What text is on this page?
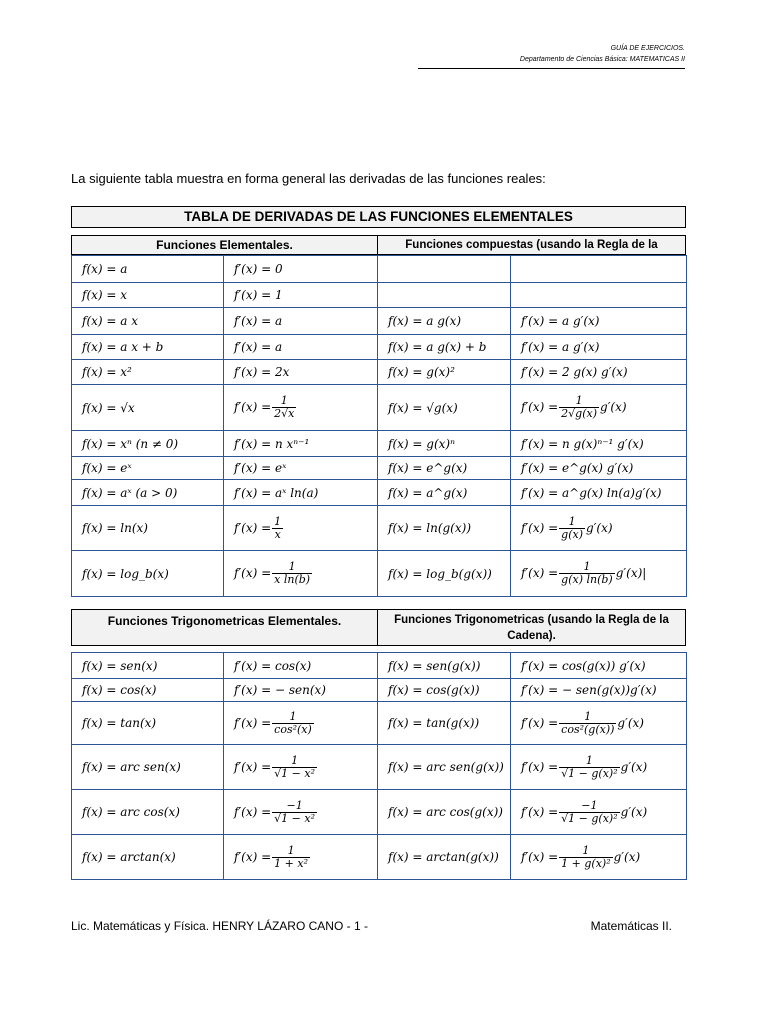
GUÍA DE EJERCICIOS.
Departamento de Ciencias Básica: MATEMATICAS II
La siguiente tabla muestra en forma general las derivadas de las funciones reales:
TABLA DE DERIVADAS DE LAS FUNCIONES ELEMENTALES
Funciones Elementales.	Funciones compuestas (usando la Regla de la
f(x) = a	f′(x) = 0		
f(x) = x	f′(x) = 1		
f(x) = a x	f′(x) = a	f(x) = a g(x)	f′(x) = a g′(x)
f(x) = a x + b	f′(x) = a	f(x) = a g(x) + b	f′(x) = a g′(x)
f(x) = x²	f′(x) = 2x	f(x) = g(x)²	f′(x) = 2 g(x) g′(x)
f(x) = √x	$f'(x) = \frac{1}{2√x}$	f(x) = √g(x)	$f'(x) = \frac{1}{2√g(x)} g'(x)$
f(x) = xⁿ (n ≠ 0)	f′(x) = n xⁿ⁻¹	f(x) = g(x)ⁿ	f′(x) = n g(x)ⁿ⁻¹ g′(x)
f(x) = eˣ	f′(x) = eˣ	f(x) = e^g(x)	f′(x) = e^g(x) g′(x)
f(x) = aˣ (a > 0)	f′(x) = aˣ ln(a)	f(x) = a^g(x)	f′(x) = a^g(x) ln(a)g′(x)
f(x) = ln(x)	$f'(x) = \frac{1}{x}$	f(x) = ln(g(x))	$f'(x) = \frac{1}{g(x)} g'(x)$
f(x) = log_b(x)	$f'(x) = \frac{1}{\text{x ln(b)}}$	f(x) = log_b(g(x))	$f'(x) = \frac{1}{g(x) \ln(b)} g'(x)|$
Funciones Trigonometricas Elementales.	Funciones Trigonometricas (usando la Regla de la Cadena).
f(x) = sen(x)	f′(x) = cos(x)	f(x) = sen(g(x))	f′(x) = cos(g(x)) g′(x)
f(x) = cos(x)	f′(x) = − sen(x)	f(x) = cos(g(x))	f′(x) = − sen(g(x))g′(x)
f(x) = tan(x)	$f'(x) = \frac{1}{\text{cos²(x)}}$	f(x) = tan(g(x))	$f'(x) = \frac{1}{\text{cos²(g(x))}} g'(x)$
f(x) = arc sen(x)	$f'(x) = \frac{1}{\text{√1 − x²}}$	f(x) = arc sen(g(x))	$f'(x) = \frac{1}{\text{√1 − g(x)²}} g'(x)$
f(x) = arc cos(x)	$f'(x) = \frac{-1}{\text{√1 − x²}}$	f(x) = arc cos(g(x))	$f'(x) = \frac{-1}{\text{√1 − g(x)²}} g'(x)$
f(x) = arctan(x)	$f'(x) = \frac{1}{\text{1 + x²}}$	f(x) = arctan(g(x))	$f'(x) = \frac{1}{\text{1 + g(x)²}} g'(x)$
Lic. Matemáticas y Física. HENRY LÁZARO CANO - 1 -	Matemáticas II.
